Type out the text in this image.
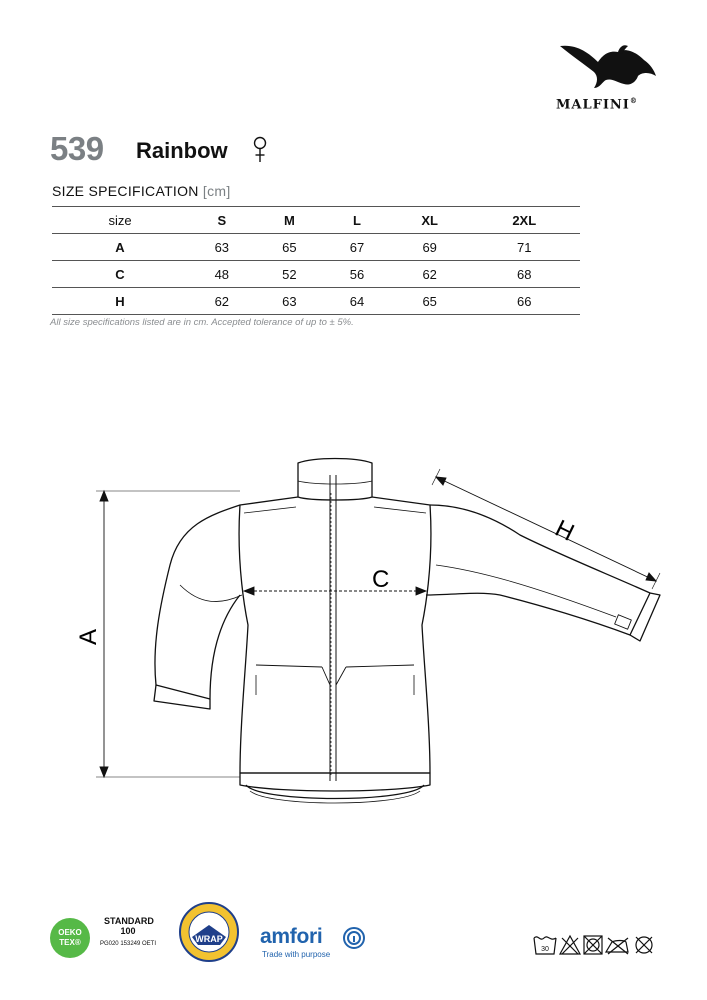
MALFINI®
539 Rainbow
SIZE SPECIFICATION [cm]
size	S	M	L	XL	2XL
A	63	65	67	69	71
C	48	52	56	62	68
H	62	63	64	65	66
All size specifications listed are in cm. Accepted tolerance of up to ± 5%.
A
C
H
OEKO TEX®
STANDARD 100
PG020 153249 OETI	WRAP amfori
Trade with purpose
30
